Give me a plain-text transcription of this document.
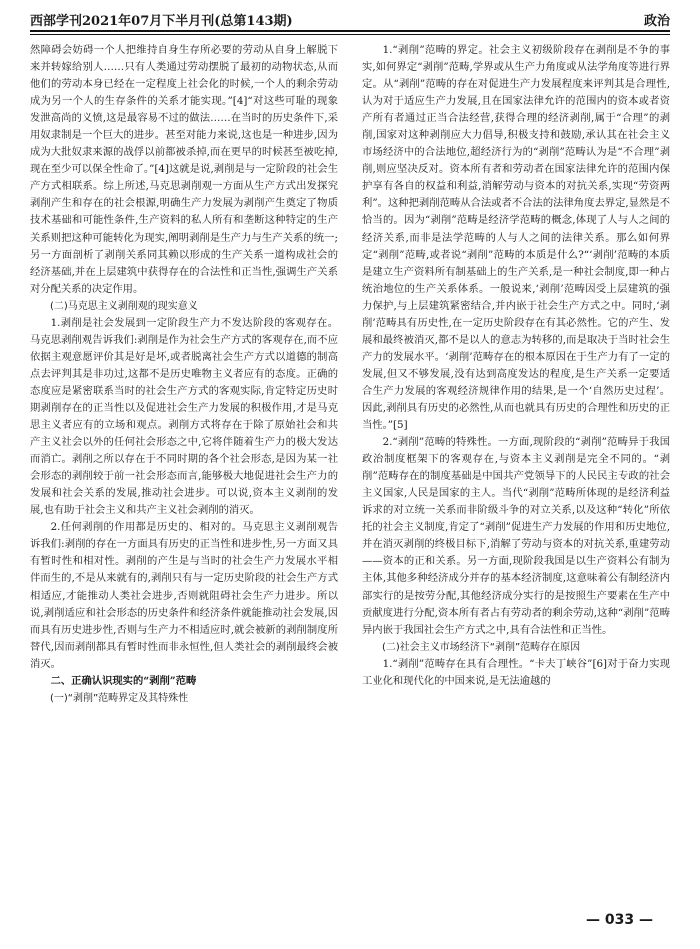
西部学刊2021年07月下半月刊(总第143期)	政治

然障碍会妨碍一个人把维持自身生存所必要的劳动从自身上解脱下来并转嫁给别人……只有人类通过劳动摆脱了最初的动物状态,从而他们的劳动本身已经在一定程度上社会化的时候,一个人的剩余劳动成为另一个人的生存条件的关系才能实现。”[4]“对这些可耻的现象发泄高尚的义愤,这是最容易不过的做法……在当时的历史条件下,采用奴隶制是一个巨大的进步。甚至对能力来说,这也是一种进步,因为成为大批奴隶来源的战俘以前都被杀掉,而在更早的时候甚至被吃掉,现在至少可以保全性命了。”[4]这就是说,剥削是与一定阶段的社会生产方式相联系。综上所述,马克思剥削观一方面从生产方式出发探究剥削产生和存在的社会根源,明确生产力发展为剥削产生奠定了物质技术基础和可能性条件,生产资料的私人所有和垄断这种特定的生产关系则把这种可能转化为现实,阐明剥削是生产力与生产关系的统一;另一方面剖析了剥削关系同其赖以形成的生产关系一道构成社会的经济基础,并在上层建筑中获得存在的合法性和正当性,强调生产关系对分配关系的决定作用。

(二)马克思主义剥削观的现实意义

1.剥削是社会发展到一定阶段生产力不发达阶段的客观存在。马克思剥削观告诉我们:剥削是作为社会生产方式的客观存在,而不应依据主观意愿评价其是好是坏,或者脱离社会生产方式以道德的制高点去评判其是非功过,这都不是历史唯物主义者应有的态度。正确的态度应是紧密联系当时的社会生产方式的客观实际,肯定特定历史时期剥削存在的正当性以及促进社会生产力发展的积极作用,才是马克思主义者应有的立场和观点。剥削方式将存在于除了原始社会和共产主义社会以外的任何社会形态之中,它将伴随着生产力的极大发达而消亡。剥削之所以存在于不同时期的各个社会形态,是因为某一社会形态的剥削较于前一社会形态而言,能够极大地促进社会生产力的发展和社会关系的发展,推动社会进步。可以说,资本主义剥削的发展,也有助于社会主义和共产主义社会剥削的消灭。

2.任何剥削的作用都是历史的、相对的。马克思主义剥削观告诉我们:剥削的存在一方面具有历史的正当性和进步性,另一方面又具有暂时性和相对性。剥削的产生是与当时的社会生产力发展水平相伴而生的,不是从来就有的,剥削只有与一定历史阶段的社会生产方式相适应,才能推动人类社会进步,否则就阻碍社会生产力进步。所以说,剥削适应和社会形态的历史条件和经济条件就能推动社会发展,因而具有历史进步性,否则与生产力不相适应时,就会被新的剥削制度所替代,因而剥削都具有暂时性而非永恒性,但人类社会的剥削最终会被消灭。

二、正确认识现实的“剥削”范畴

(一)“剥削”范畴界定及其特殊性

1.“剥削”范畴的界定。社会主义初级阶段存在剥削是不争的事实,如何界定“剥削”范畴,学界或从生产力角度或从法学角度等进行界定。从“剥削”范畴的存在对促进生产力发展程度来评判其是合理性,认为对于适应生产力发展,且在国家法律允许的范围内的资本或者资产所有者通过正当合法经营,获得合理的经济剥削,属于“合理”的剥削,国家对这种剥削应大力倡导,积极支持和鼓励,承认其在社会主义市场经济中的合法地位,超经济行为的“剥削”范畴认为是“不合理”剥削,则应坚决反对。资本所有者和劳动者在国家法律允许的范围内保护享有各自的权益和利益,消解劳动与资本的对抗关系,实现“劳资两利”。这种把剥削范畴从合法或者不合法的法律角度去界定,显然是不恰当的。因为“剥削”范畴是经济学范畴的概念,体现了人与人之间的经济关系,而非是法学范畴的人与人之间的法律关系。那么如何界定“剥削”范畴,或者说“剥削”范畴的本质是什么?“‘剥削’范畴的本质是建立生产资料所有制基础上的生产关系,是一种社会制度,即一种占统治地位的生产关系体系。一般说来,‘剥削’范畴因受上层建筑的强力保护,与上层建筑紧密结合,并内嵌于社会生产方式之中。同时,‘剥削’范畴具有历史性,在一定历史阶段存在有其必然性。它的产生、发展和最终被消灭,都不是以人的意志为转移的,而是取决于当时社会生产力的发展水平。‘剥削’范畴存在的根本原因在于生产力有了一定的发展,但又不够发展,没有达到高度发达的程度,是生产关系一定要适合生产力发展的客观经济规律作用的结果,是一个‘自然历史过程’。因此,剥削具有历史的必然性,从而也就具有历史的合理性和历史的正当性。”[5]

2.“剥削”范畴的特殊性。一方面,现阶段的“剥削”范畴异于我国政治制度框架下的客观存在,与资本主义剥削是完全不同的。“剥削”范畴存在的制度基础是中国共产党领导下的人民民主专政的社会主义国家,人民是国家的主人。当代“剥削”范畴所体现的是经济利益诉求的对立统一关系而非阶级斗争的对立关系,以及这种“转化”所依托的社会主义制度,肯定了“剥削”促进生产力发展的作用和历史地位,并在消灭剥削的终极目标下,消解了劳动与资本的对抗关系,重建劳动——资本的正和关系。另一方面,现阶段我国是以生产资料公有制为主体,其他多种经济成分并存的基本经济制度,这意味着公有制经济内部实行的是按劳分配,其他经济成分实行的是按照生产要素在生产中贡献度进行分配,资本所有者占有劳动者的剩余劳动,这种“剥削”范畴异内嵌于我国社会生产方式之中,具有合法性和正当性。

(二)社会主义市场经济下“剥削”范畴存在原因

1.“剥削”范畴存在具有合理性。“卡夫丁峡谷”[6]对于奋力实现工业化和现代化的中国来说,是无法逾越的

— 033 —
